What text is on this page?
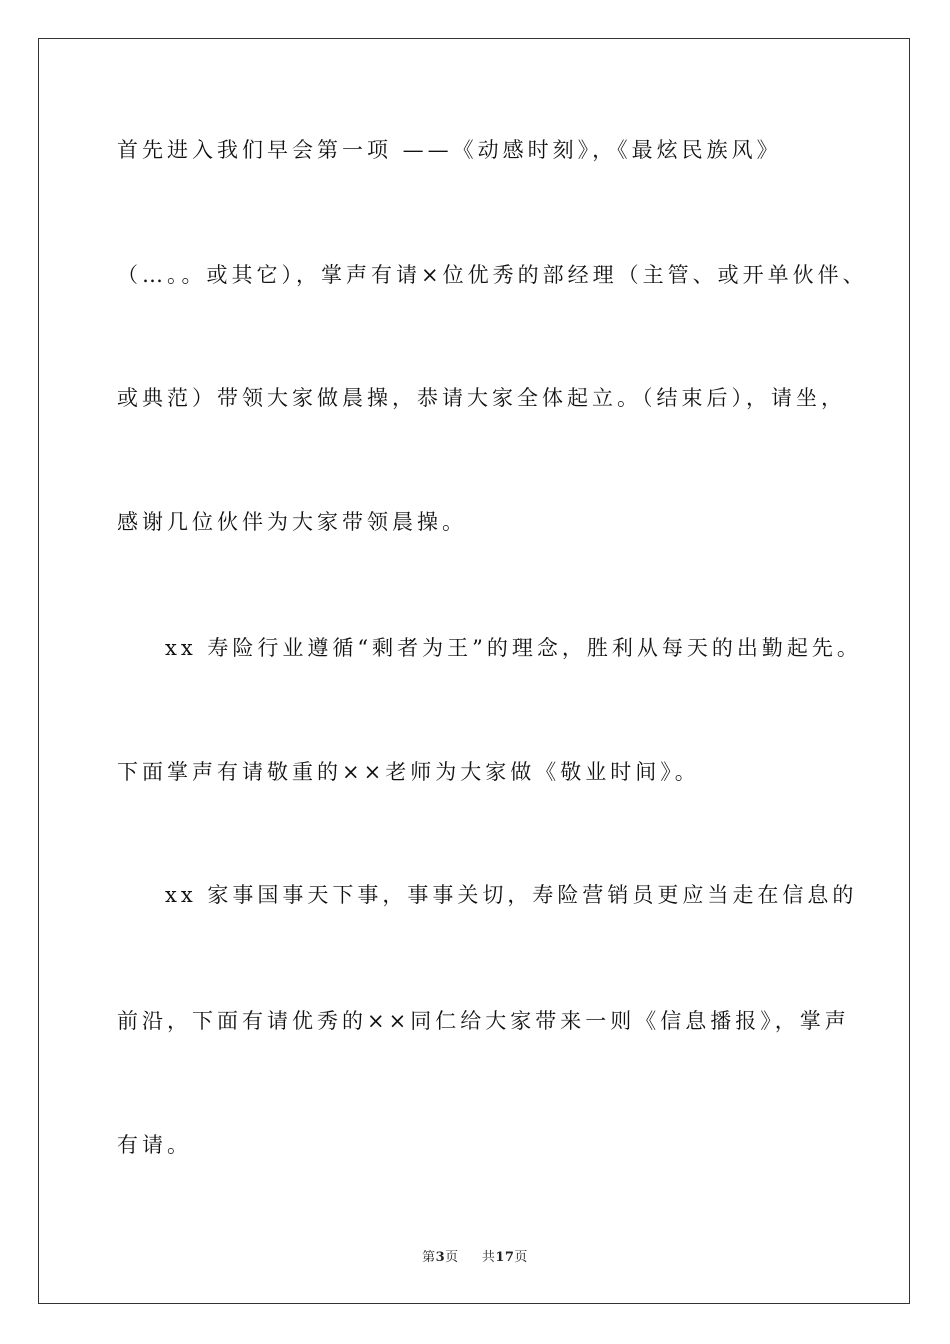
首先进入我们早会第一项 ——《动感时刻》，《最炫民族风》
（…。。或其它），掌声有请×位优秀的部经理（主管、或开单伙伴、
或典范）带领大家做晨操，恭请大家全体起立。（结束后），请坐，
感谢几位伙伴为大家带领晨操。
xx 寿险行业遵循“剩者为王”的理念，胜利从每天的出勤起先。
下面掌声有请敬重的××老师为大家做《敬业时间》。
xx 家事国事天下事，事事关切，寿险营销员更应当走在信息的
前沿，下面有请优秀的××同仁给大家带来一则《信息播报》，掌声
有请。
第3页 共17页
